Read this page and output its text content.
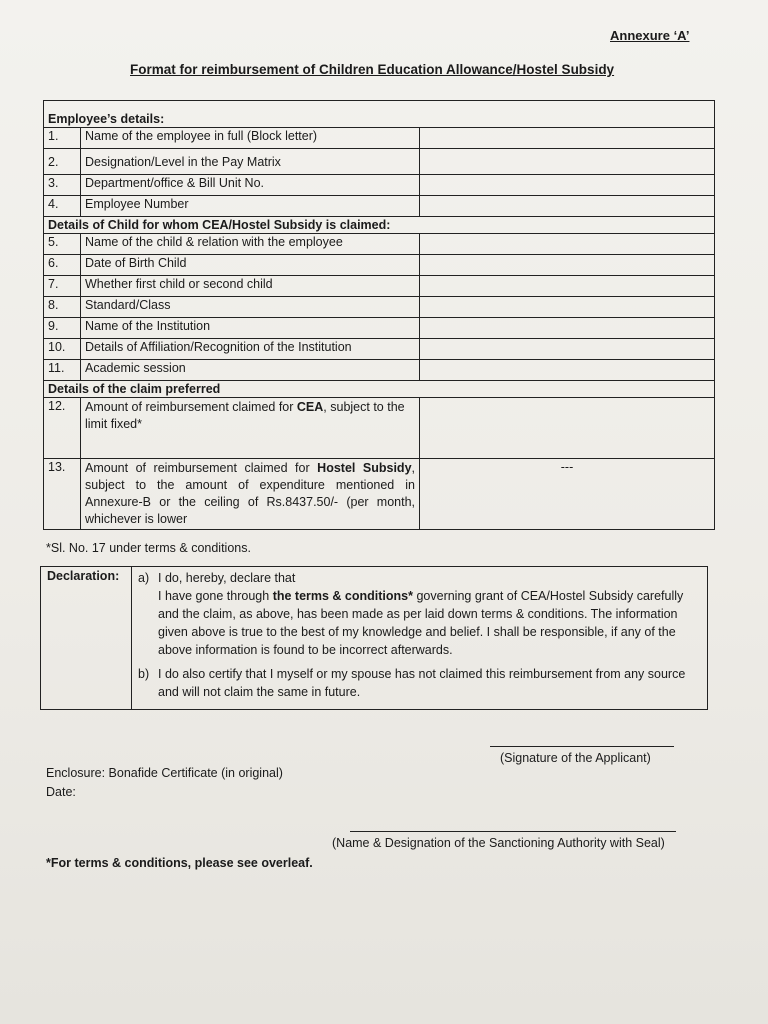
Annexure ‘A’
Format for reimbursement of Children Education Allowance/Hostel Subsidy

Employee’s details:		
1.	Name of the employee in full (Block letter)	
2.	Designation/Level in the Pay Matrix	
3.	Department/office & Bill Unit No.	
4.	Employee Number	
Details of Child for whom CEA/Hostel Subsidy is claimed:		
5.	Name of the child & relation with the employee	
6.	Date of Birth Child	
7.	Whether first child or second child	
8.	Standard/Class	
9.	Name of the Institution	
10.	Details of Affiliation/Recognition of the Institution	
11.	Academic session	
Details of the claim preferred		
12.	Amount of reimbursement claimed for CEA, subject to the limit fixed*	
13.	Amount of reimbursement claimed for Hostel Subsidy, subject to the amount of expenditure mentioned in Annexure-B or the ceiling of Rs.8437.50/- (per month, whichever is lower	---
*Sl. No. 17 under terms & conditions.
Declaration:	a) I do, hereby, declare that
I have gone through the terms & conditions* governing grant of CEA/Hostel Subsidy carefully and the claim, as above, has been made as per laid down terms & conditions. The information given above is true to the best of my knowledge and belief. I shall be responsible, if any of the above information is found to be incorrect afterwards.
b) I do also certify that I myself or my spouse has not claimed this reimbursement from any source and will not claim the same in future.
(Signature of the Applicant)
Enclosure: Bonafide Certificate (in original)
Date:
(Name & Designation of the Sanctioning Authority with Seal)
*For terms & conditions, please see overleaf.
